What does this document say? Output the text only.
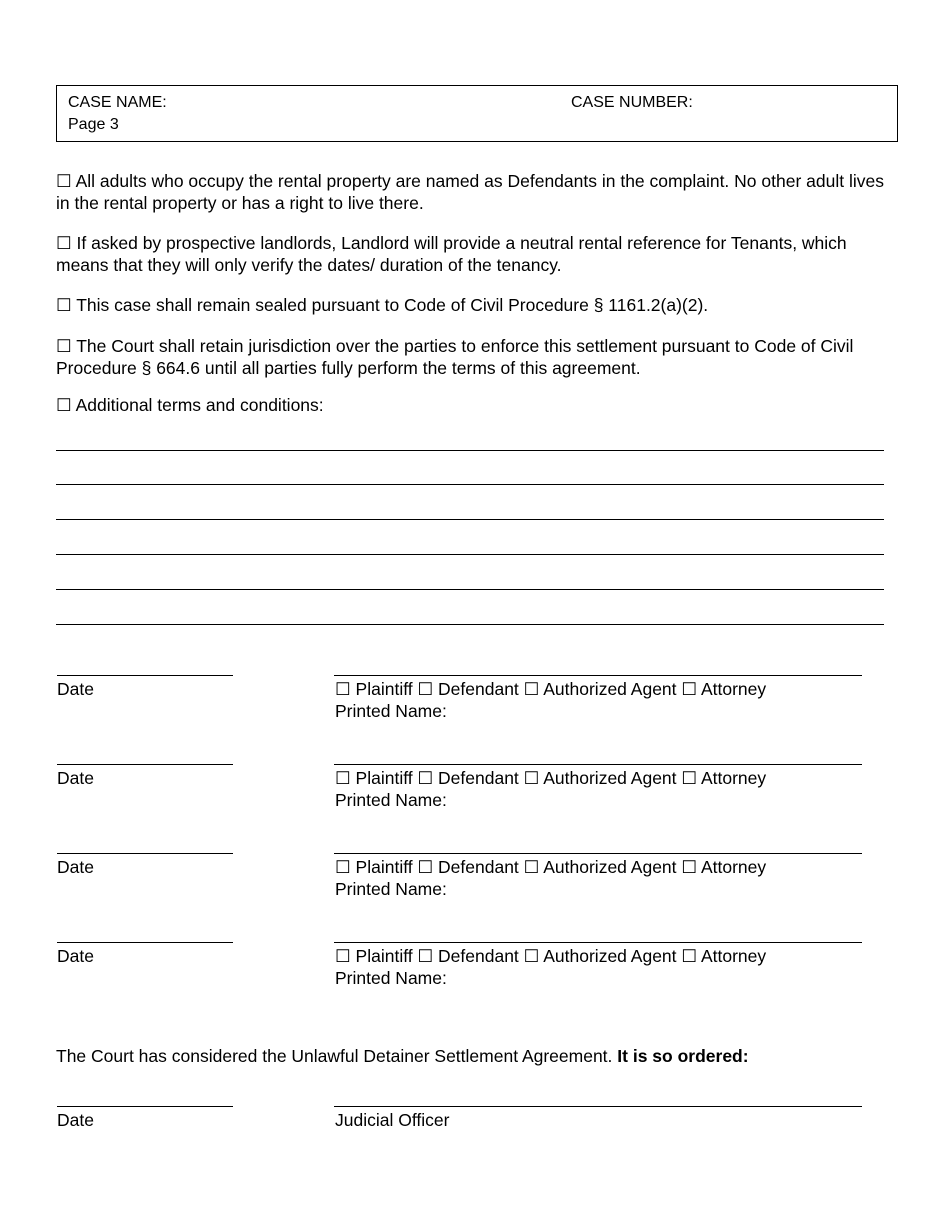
CASE NAME:
Page 3
CASE NUMBER:

☐ All adults who occupy the rental property are named as Defendants in the complaint. No other adult lives in the rental property or has a right to live there.

☐ If asked by prospective landlords, Landlord will provide a neutral rental reference for Tenants, which means that they will only verify the dates/ duration of the tenancy.

☐ This case shall remain sealed pursuant to Code of Civil Procedure § 1161.2(a)(2).

☐ The Court shall retain jurisdiction over the parties to enforce this settlement pursuant to Code of Civil Procedure § 664.6 until all parties fully perform the terms of this agreement.

☐ Additional terms and conditions:

Date	☐ Plaintiff ☐ Defendant ☐ Authorized Agent ☐ Attorney
Printed Name:
Date	☐ Plaintiff ☐ Defendant ☐ Authorized Agent ☐ Attorney
Printed Name:
Date	☐ Plaintiff ☐ Defendant ☐ Authorized Agent ☐ Attorney
Printed Name:
Date	☐ Plaintiff ☐ Defendant ☐ Authorized Agent ☐ Attorney
Printed Name:
The Court has considered the Unlawful Detainer Settlement Agreement. It is so ordered:
Date	Judicial Officer
